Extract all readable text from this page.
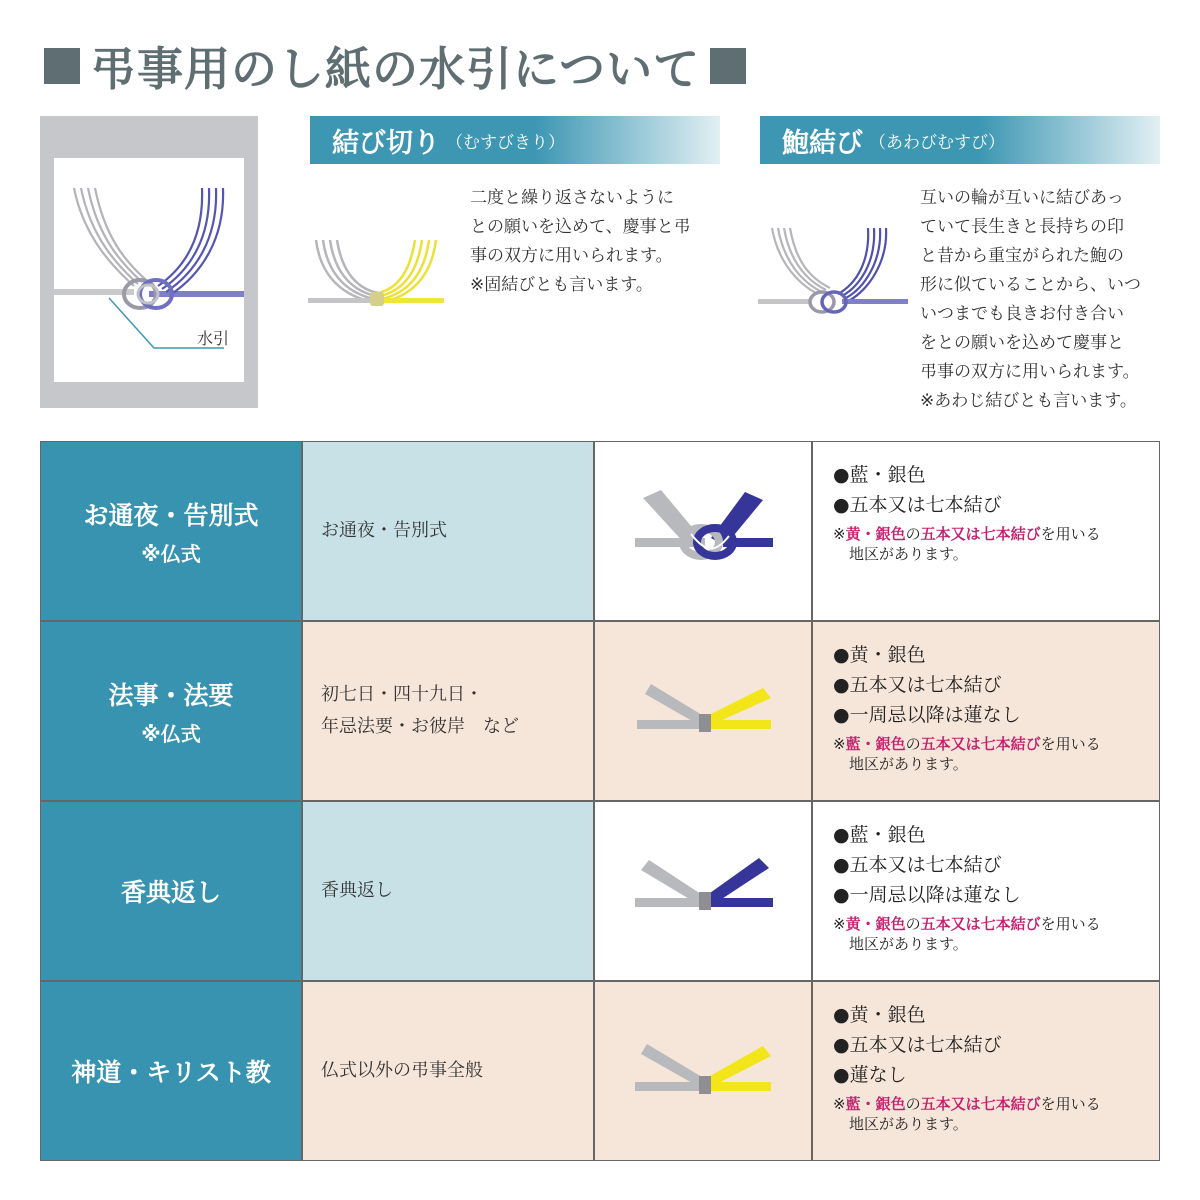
弔事用のし紙の水引について
水引
結び切り （むすびきり）
二度と繰り返さないように
との願いを込めて、慶事と弔
事の双方に用いられます。
※固結びとも言います。
鮑結び （あわびむすび）
互いの輪が互いに結びあっ
ていて長生きと長持ちの印
と昔から重宝がられた鮑の
形に似ていることから、いつ
いつまでも良きお付き合い
をとの願いを込めて慶事と
弔事の双方に用いられます。
※あわじ結びとも言います。
お通夜・告別式
※仏式
お通夜・告別式
●藍・銀色
●五本又は七本結び
※黄・銀色の五本又は七本結びを用いる
地区があります。
法事・法要
※仏式
初七日・四十九日・
年忌法要・お彼岸　など
●黄・銀色
●五本又は七本結び
●一周忌以降は蓮なし
※藍・銀色の五本又は七本結びを用いる
地区があります。
香典返し	香典返し
●藍・銀色
●五本又は七本結び
●一周忌以降は蓮なし
※黄・銀色の五本又は七本結びを用いる
地区があります。
神道・キリスト教	仏式以外の弔事全般
●黄・銀色
●五本又は七本結び
●蓮なし
※藍・銀色の五本又は七本結びを用いる
地区があります。
